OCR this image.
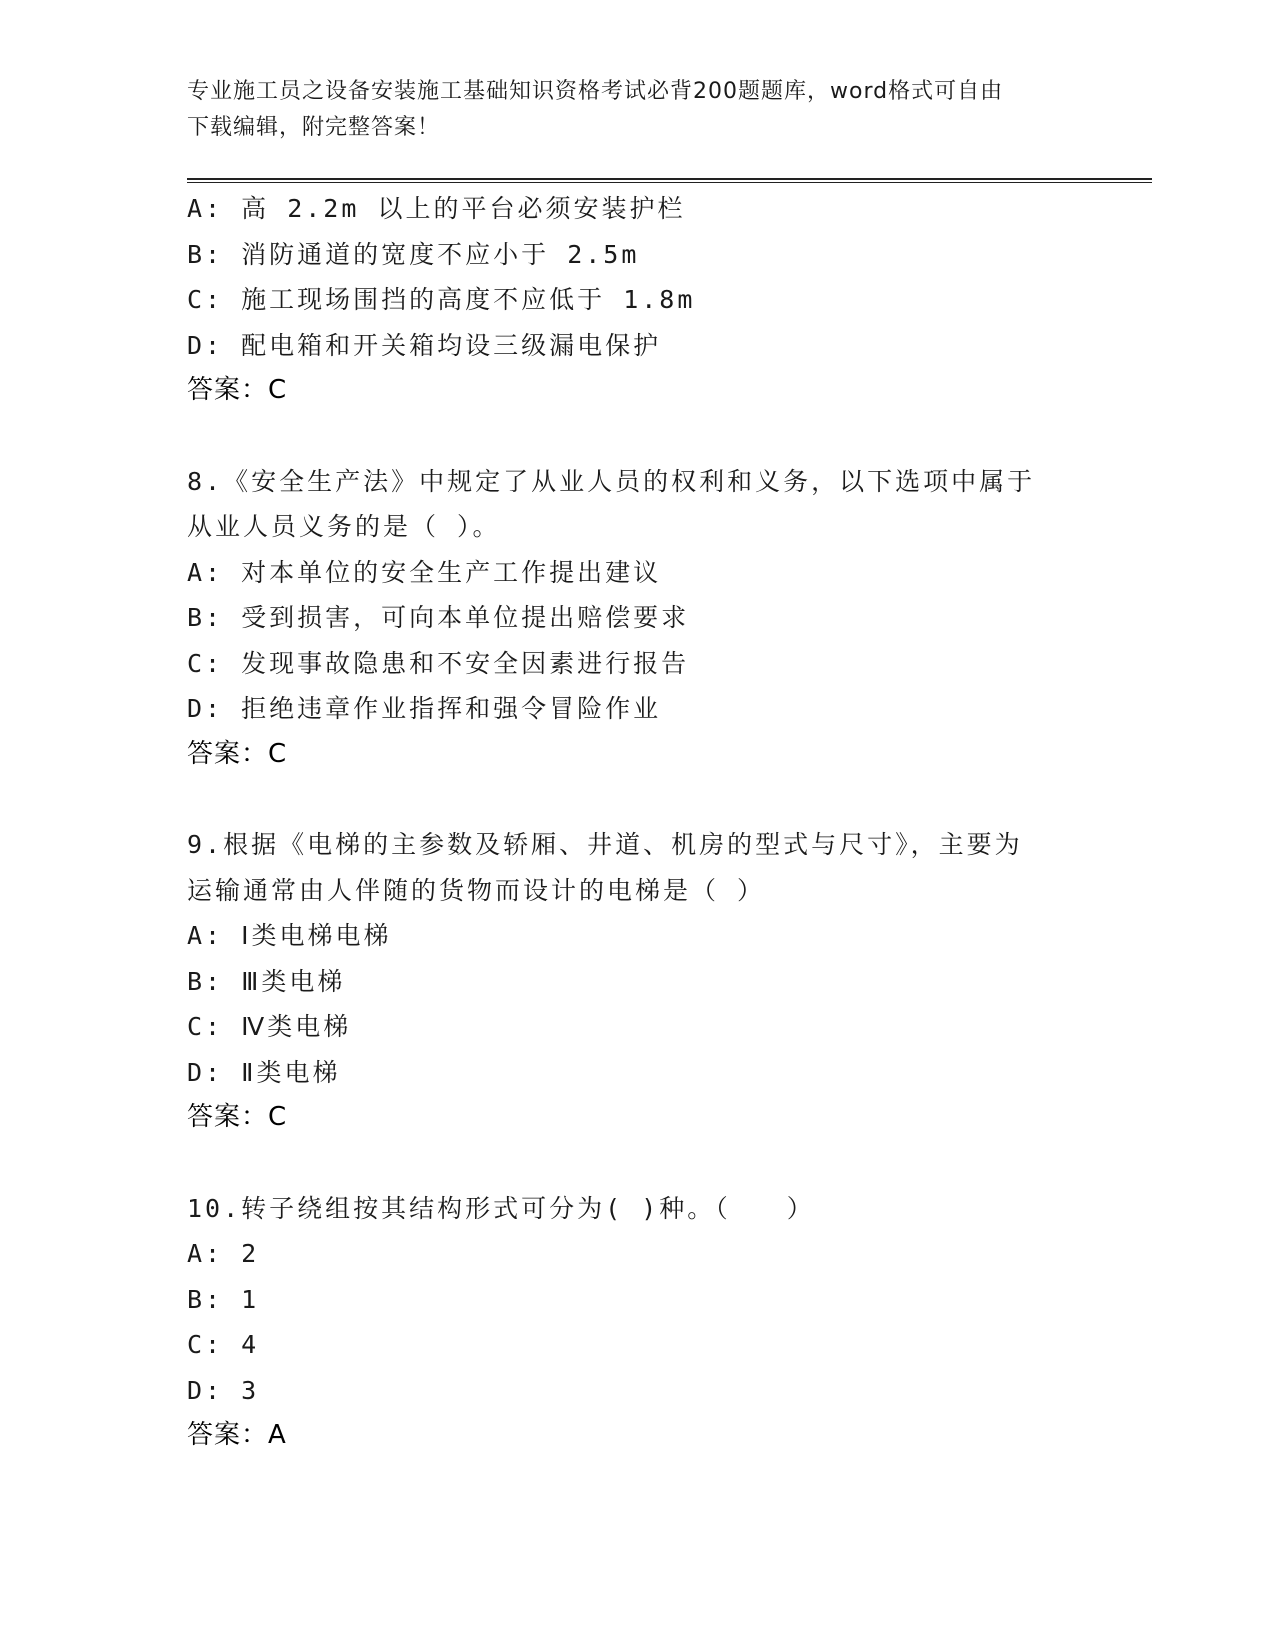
专业施工员之设备安装施工基础知识资格考试必背200题题库，word格式可自由
下载编辑，附完整答案！
A: 高 2.2m 以上的平台必须安装护栏
B: 消防通道的宽度不应小于 2.5m
C: 施工现场围挡的高度不应低于 1.8m
D: 配电箱和开关箱均设三级漏电保护
答案：C
8.《安全生产法》中规定了从业人员的权利和义务，以下选项中属于
从业人员义务的是（ ）。
A: 对本单位的安全生产工作提出建议
B: 受到损害，可向本单位提出赔偿要求
C: 发现事故隐患和不安全因素进行报告
D: 拒绝违章作业指挥和强令冒险作业
答案：C
9.根据《电梯的主参数及轿厢、井道、机房的型式与尺寸》，主要为
运输通常由人伴随的货物而设计的电梯是（ ）
A: Ⅰ类电梯电梯
B: Ⅲ类电梯
C: Ⅳ类电梯
D: Ⅱ类电梯
答案：C
10.转子绕组按其结构形式可分为( )种。（　　）
A: 2
B: 1
C: 4
D: 3
答案：A
